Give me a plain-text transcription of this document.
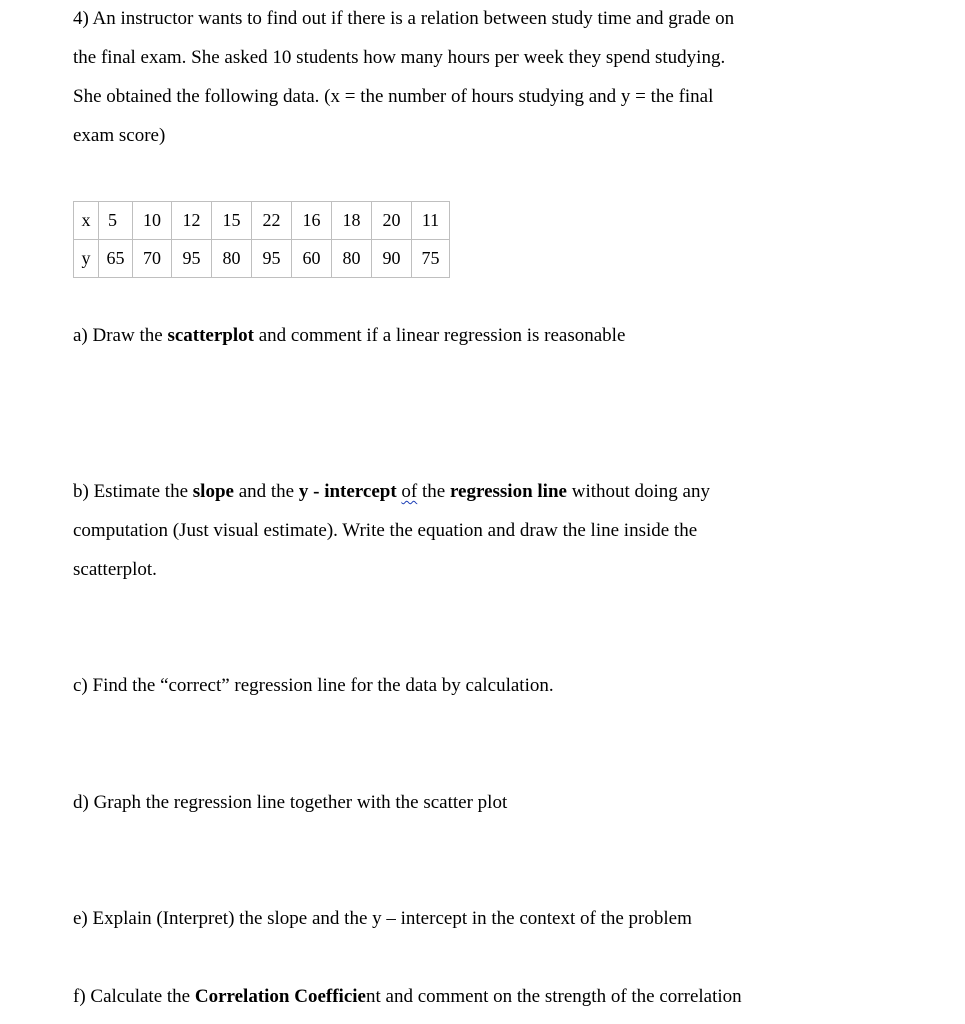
4) An instructor wants to find out if there is a relation between study time and grade on
the final exam. She asked 10 students how many hours per week they spend studying.
She obtained the following data. (x = the number of hours studying and y = the final
exam score)
x	5	10	12	15	22	16	18	20	11
y	65	70	95	80	95	60	80	90	75
a) Draw the scatterplot and comment if a linear regression is reasonable
b) Estimate the slope and the y - intercept of the regression line without doing any
computation (Just visual estimate). Write the equation and draw the line inside the
scatterplot.
c) Find the “correct” regression line for the data by calculation.
d) Graph the regression line together with the scatter plot
e) Explain (Interpret) the slope and the y – intercept in the context of the problem
f) Calculate the Correlation Coefficient and comment on the strength of the correlation
